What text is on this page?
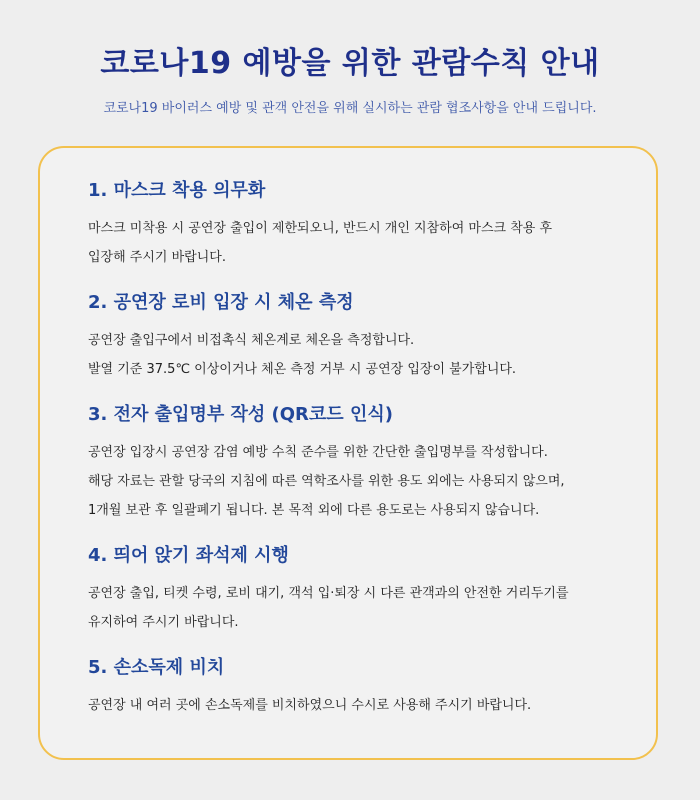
코로나19 예방을 위한 관람수칙 안내

코로나19 바이러스 예방 및 관객 안전을 위해 실시하는 관람 협조사항을 안내 드립니다.

1. 마스크 착용 의무화

마스크 미착용 시 공연장 출입이 제한되오니, 반드시 개인 지참하여 마스크 착용 후

입장해 주시기 바랍니다.

2. 공연장 로비 입장 시 체온 측정

공연장 출입구에서 비접촉식 체온계로 체온을 측정합니다.

발열 기준 37.5℃ 이상이거나 체온 측정 거부 시 공연장 입장이 불가합니다.

3. 전자 출입명부 작성 (QR코드 인식)

공연장 입장시 공연장 감염 예방 수칙 준수를 위한 간단한 출입명부를 작성합니다.

해당 자료는 관할 당국의 지침에 따른 역학조사를 위한 용도 외에는 사용되지 않으며,

1개월 보관 후 일괄폐기 됩니다. 본 목적 외에 다른 용도로는 사용되지 않습니다.

4. 띄어 앉기 좌석제 시행

공연장 출입, 티켓 수령, 로비 대기, 객석 입·퇴장 시 다른 관객과의 안전한 거리두기를

유지하여 주시기 바랍니다.

5. 손소독제 비치

공연장 내 여러 곳에 손소독제를 비치하였으니 수시로 사용해 주시기 바랍니다.
